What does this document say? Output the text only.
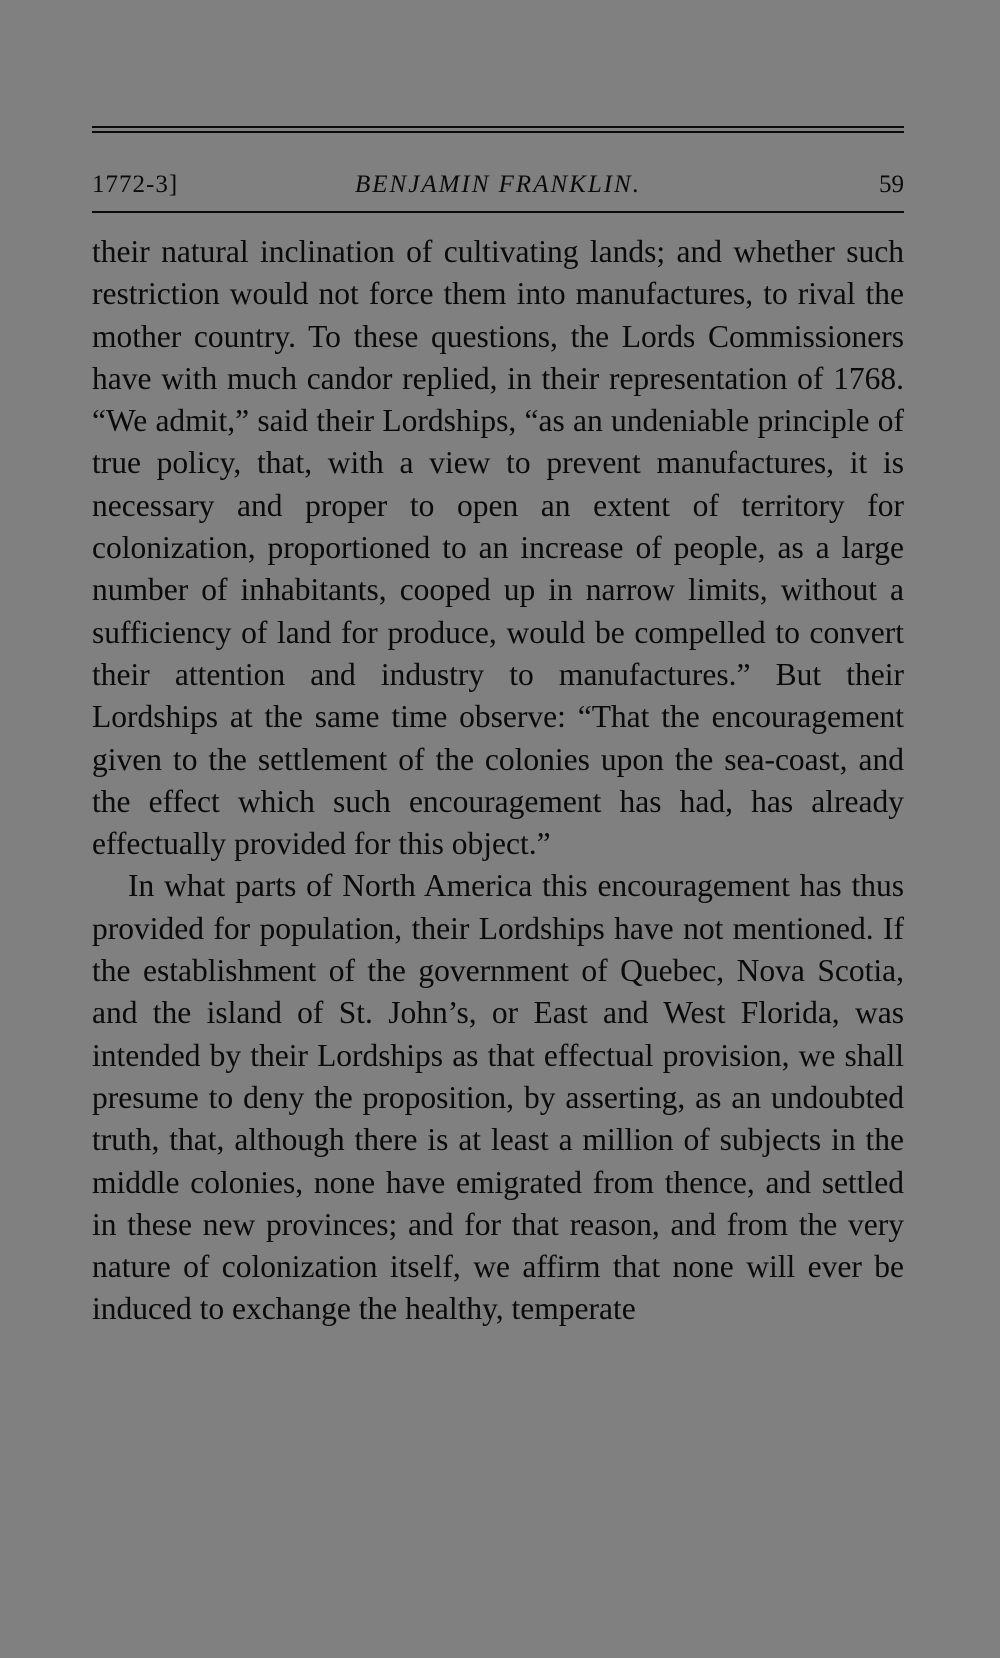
1772-3]	BENJAMIN FRANKLIN.	59

their natural inclination of cultivating lands; and whether such restriction would not force them into manufactures, to rival the mother country. To these questions, the Lords Commissioners have with much candor replied, in their representation of 1768. “We admit,” said their Lordships, “as an undeniable principle of true policy, that, with a view to prevent manufactures, it is necessary and proper to open an extent of territory for colonization, proportioned to an increase of people, as a large number of inhabitants, cooped up in narrow limits, without a sufficiency of land for produce, would be compelled to convert their attention and industry to manufactures.” But their Lordships at the same time observe: “That the encouragement given to the settlement of the colonies upon the sea-coast, and the effect which such encouragement has had, has already effectually provided for this object.”

In what parts of North America this encouragement has thus provided for population, their Lordships have not mentioned. If the establishment of the government of Quebec, Nova Scotia, and the island of St. John’s, or East and West Florida, was intended by their Lordships as that effectual provision, we shall presume to deny the proposition, by asserting, as an undoubted truth, that, although there is at least a million of subjects in the middle colonies, none have emigrated from thence, and settled in these new provinces; and for that reason, and from the very nature of colonization itself, we affirm that none will ever be induced to exchange the healthy, temperate
